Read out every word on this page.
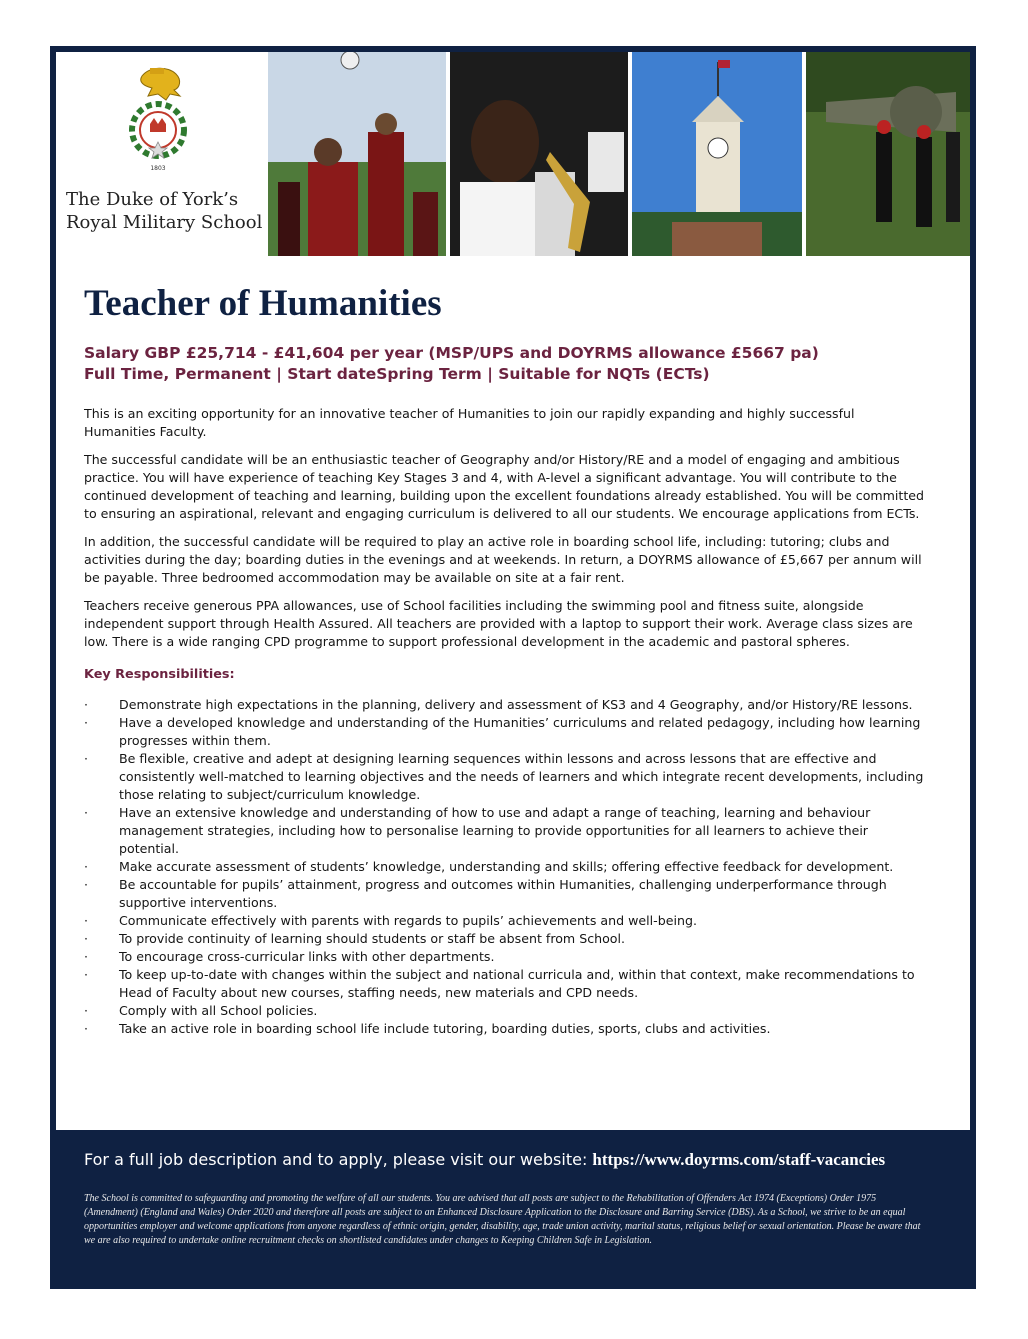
1803
The Duke of York’s
Royal Military School
Teacher of Humanities
Salary GBP £25,714 - £41,604 per year (MSP/UPS and DOYRMS allowance £5667 pa)
Full Time, Permanent | Start dateSpring Term | Suitable for NQTs (ECTs)

This is an exciting opportunity for an innovative teacher of Humanities to join our rapidly expanding and highly successful Humanities Faculty.

The successful candidate will be an enthusiastic teacher of Geography and/or History/RE and a model of engaging and ambitious practice. You will have experience of teaching Key Stages 3 and 4, with A-level a significant advantage. You will contribute to the continued development of teaching and learning, building upon the excellent foundations already established. You will be committed to ensuring an aspirational, relevant and engaging curriculum is delivered to all our students. We encourage applications from ECTs.

In addition, the successful candidate will be required to play an active role in boarding school life, including: tutoring; clubs and activities during the day; boarding duties in the evenings and at weekends. In return, a DOYRMS allowance of £5,667 per annum will be payable. Three bedroomed accommodation may be available on site at a fair rent.

Teachers receive generous PPA allowances, use of School facilities including the swimming pool and fitness suite, alongside independent support through Health Assured. All teachers are provided with a laptop to support their work. Average class sizes are low. There is a wide ranging CPD programme to support professional development in the academic and pastoral spheres.

Key Responsibilities:
· Demonstrate high expectations in the planning, delivery and assessment of KS3 and 4 Geography, and/or History/RE lessons.
· Have a developed knowledge and understanding of the Humanities’ curriculums and related pedagogy, including how learning progresses within them.
· Be flexible, creative and adept at designing learning sequences within lessons and across lessons that are effective and consistently well-matched to learning objectives and the needs of learners and which integrate recent developments, including those relating to subject/curriculum knowledge.
· Have an extensive knowledge and understanding of how to use and adapt a range of teaching, learning and behaviour management strategies, including how to personalise learning to provide opportunities for all learners to achieve their potential.
· Make accurate assessment of students’ knowledge, understanding and skills; offering effective feedback for development.
· Be accountable for pupils’ attainment, progress and outcomes within Humanities, challenging underperformance through supportive interventions.
· Communicate effectively with parents with regards to pupils’ achievements and well-being.
· To provide continuity of learning should students or staff be absent from School.
· To encourage cross-curricular links with other departments.
· To keep up-to-date with changes within the subject and national curricula and, within that context, make recommendations to Head of Faculty about new courses, staffing needs, new materials and CPD needs.
· Comply with all School policies.
· Take an active role in boarding school life include tutoring, boarding duties, sports, clubs and activities.
For a full job description and to apply, please visit our website: https://www.doyrms.com/staff-vacancies
The School is committed to safeguarding and promoting the welfare of all our students. You are advised that all posts are subject to the Rehabilitation of Offenders Act 1974 (Exceptions) Order 1975 (Amendment) (England and Wales) Order 2020 and therefore all posts are subject to an Enhanced Disclosure Application to the Disclosure and Barring Service (DBS). As a School, we strive to be an equal opportunities employer and welcome applications from anyone regardless of ethnic origin, gender, disability, age, trade union activity, marital status, religious belief or sexual orientation. Please be aware that we are also required to undertake online recruitment checks on shortlisted candidates under changes to Keeping Children Safe in Legislation.
